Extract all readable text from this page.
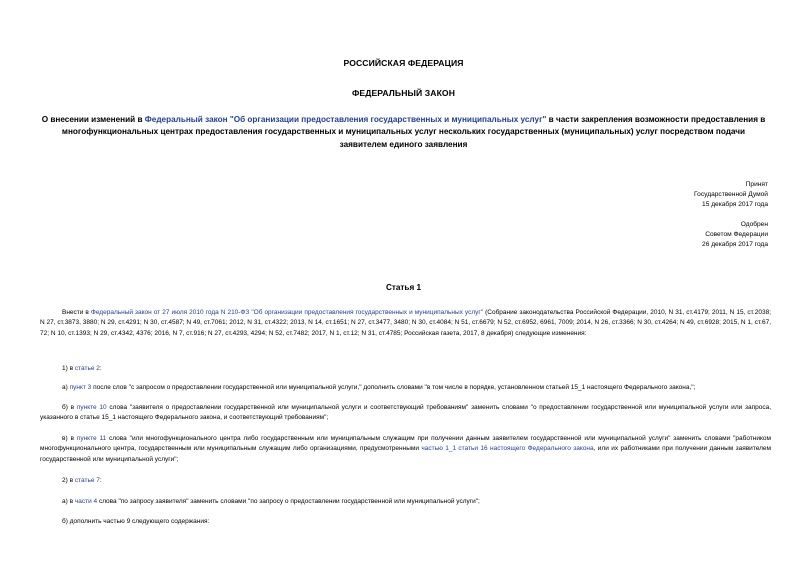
РОССИЙСКАЯ ФЕДЕРАЦИЯ
ФЕДЕРАЛЬНЫЙ ЗАКОН
О внесении изменений в Федеральный закон "Об организации предоставления государственных и муниципальных услуг" в части закрепления возможности предоставления в многофункциональных центрах предоставления государственных и муниципальных услуг нескольких государственных (муниципальных) услуг посредством подачи заявителем единого заявления
Принят
Государственной Думой
15 декабря 2017 года
Одобрен
Советом Федерации
26 декабря 2017 года
Статья 1
Внести в Федеральный закон от 27 июля 2010 года N 210-ФЗ "Об организации предоставления государственных и муниципальных услуг" (Собрание законодательства Российской Федерации, 2010, N 31, ст.4179; 2011, N 15, ст.2038; N 27, ст.3873, 3880; N 29, ст.4291; N 30, ст.4587; N 49, ст.7061; 2012, N 31, ст.4322; 2013, N 14, ст.1651; N 27, ст.3477, 3480; N 30, ст.4084; N 51, ст.6679; N 52, ст.6952, 6961, 7009; 2014, N 26, ст.3366; N 30, ст.4264; N 49, ст.6928; 2015, N 1, ст.67, 72; N 10, ст.1393; N 29, ст.4342, 4376; 2016, N 7, ст.916; N 27, ст.4293, 4294; N 52, ст.7482; 2017, N 1, ст.12; N 31, ст.4785; Российская газета, 2017, 8 декабря) следующие изменения:
1) в статье 2:
а) пункт 3 после слов "с запросом о предоставлении государственной или муниципальной услуги," дополнить словами "в том числе в порядке, установленном статьей 15_1 настоящего Федерального закона,";
б) в пункте 10 слова "заявителя о предоставлении государственной или муниципальной услуги и соответствующий требованиям" заменить словами "о предоставлении государственной или муниципальной услуги или запроса, указанного в статье 15_1 настоящего Федерального закона, и соответствующий требованиям";
в) в пункте 11 слова "или многофункционального центра либо государственным или муниципальным служащим при получении данным заявителем государственной или муниципальной услуги" заменить словами "работником многофункционального центра, государственным или муниципальным служащим либо организациями, предусмотренными частью 1_1 статьи 16 настоящего Федерального закона, или их работниками при получении данным заявителем государственной или муниципальной услуги";
2) в статье 7:
а) в части 4 слова "по запросу заявителя" заменить словами "по запросу о предоставлении государственной или муниципальной услуги";
б) дополнить частью 9 следующего содержания:
